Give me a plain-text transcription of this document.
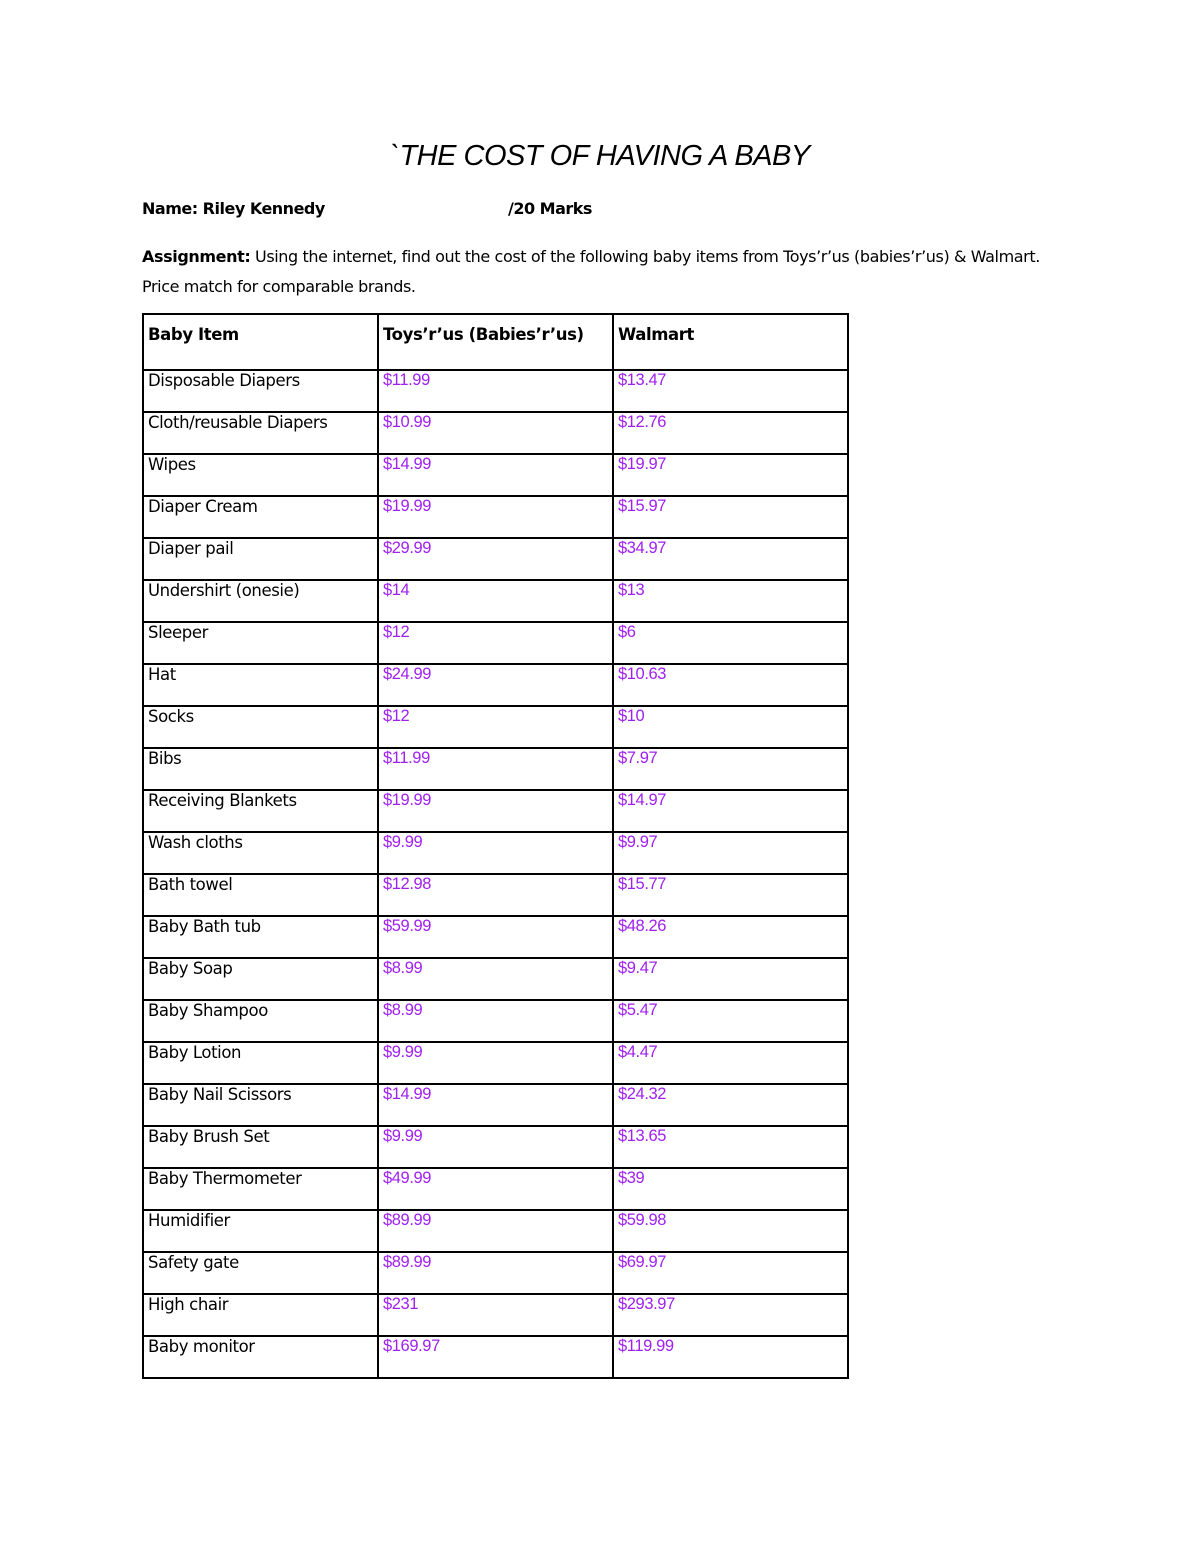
`THE COST OF HAVING A BABY
Name: Riley Kennedy	/20 Marks
Assignment: Using the internet, find out the cost of the following baby items from Toys’r’us (babies’r’us) & Walmart. Price match for comparable brands.
Baby Item	Toys’r’us (Babies’r’us)	Walmart
Disposable Diapers	$11.99	$13.47
Cloth/reusable Diapers	$10.99	$12.76
Wipes	$14.99	$19.97
Diaper Cream	$19.99	$15.97
Diaper pail	$29.99	$34.97
Undershirt (onesie)	$14	$13
Sleeper	$12	$6
Hat	$24.99	$10.63
Socks	$12	$10
Bibs	$11.99	$7.97
Receiving Blankets	$19.99	$14.97
Wash cloths	$9.99	$9.97
Bath towel	$12.98	$15.77
Baby Bath tub	$59.99	$48.26
Baby Soap	$8.99	$9.47
Baby Shampoo	$8.99	$5.47
Baby Lotion	$9.99	$4.47
Baby Nail Scissors	$14.99	$24.32
Baby Brush Set	$9.99	$13.65
Baby Thermometer	$49.99	$39
Humidifier	$89.99	$59.98
Safety gate	$89.99	$69.97
High chair	$231	$293.97
Baby monitor	$169.97	$119.99
